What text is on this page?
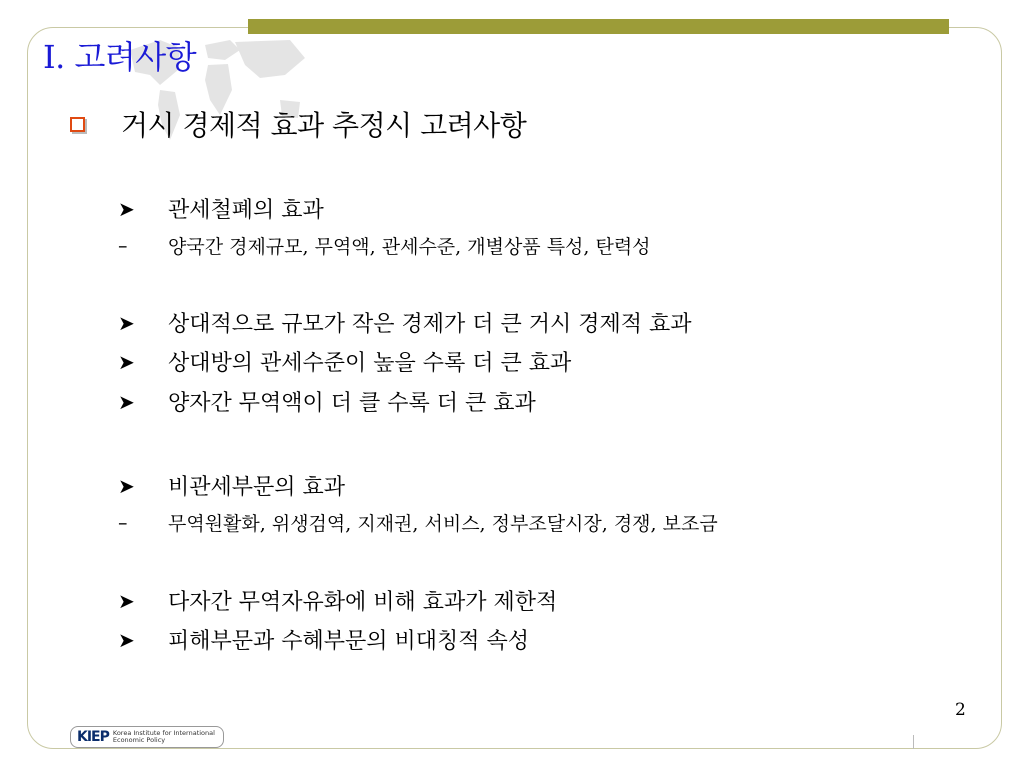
I. 고려사항
거시 경제적 효과 추정시 고려사항
➤	관세철폐의 효과
–	양국간 경제규모, 무역액, 관세수준, 개별상품 특성, 탄력성
➤	상대적으로 규모가 작은 경제가 더 큰 거시 경제적 효과
➤	상대방의 관세수준이 높을 수록 더 큰 효과
➤	양자간 무역액이 더 클 수록 더 큰 효과
➤	비관세부문의 효과
–	무역원활화, 위생검역, 지재권, 서비스, 정부조달시장, 경쟁, 보조금
➤	다자간 무역자유화에 비해 효과가 제한적
➤	피해부문과 수혜부문의 비대칭적 속성
2
KIEP Korea Institute for International
Economic Policy
